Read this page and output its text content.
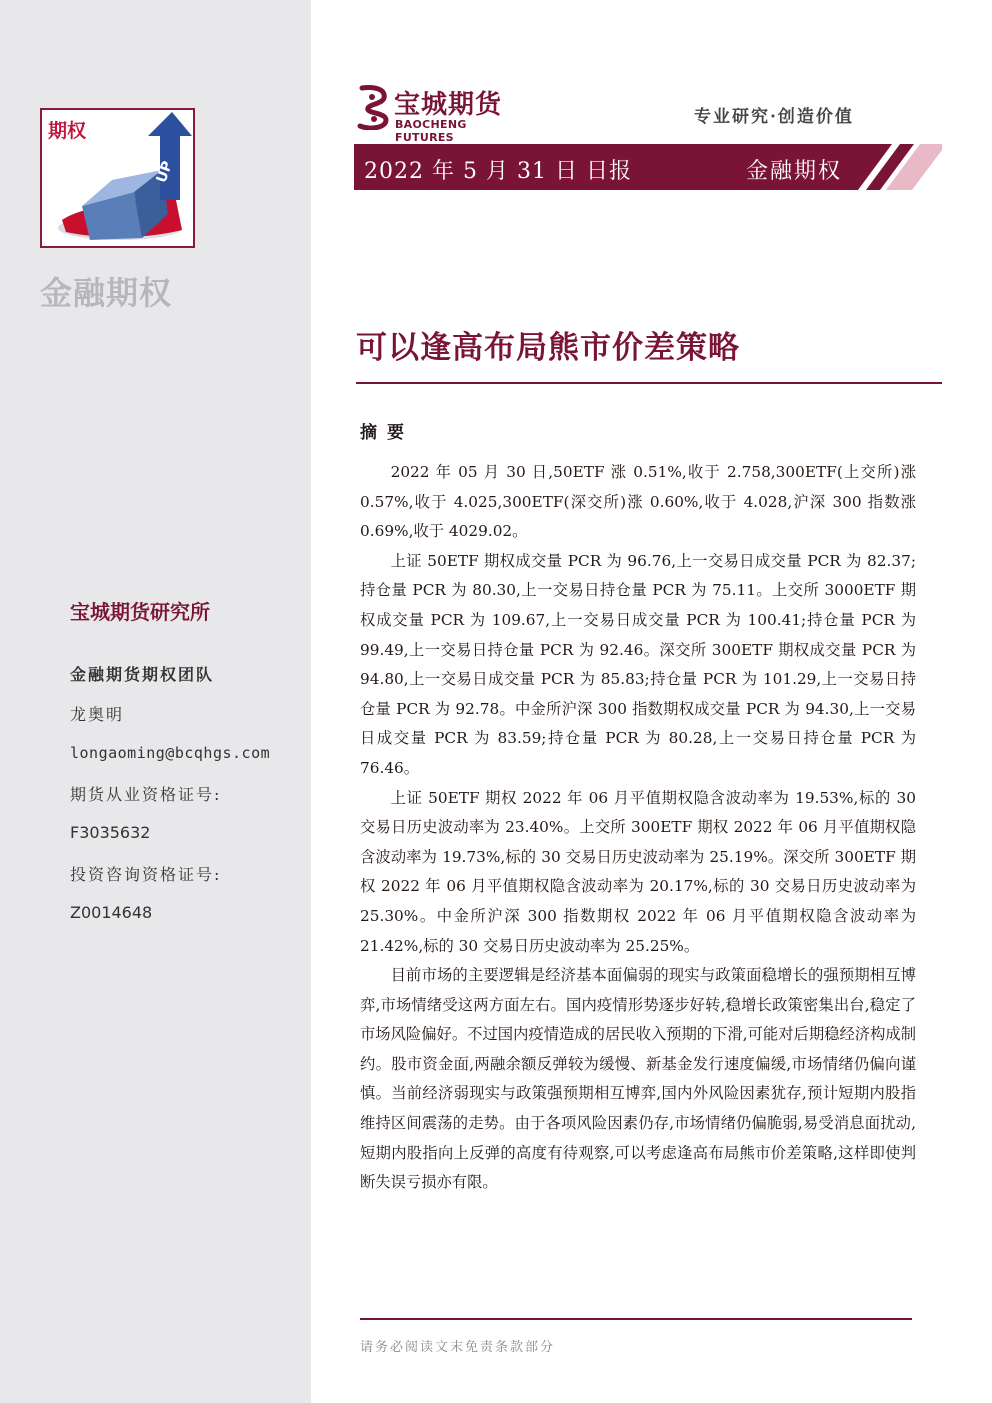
UP
期权
金融期权
宝城期货研究所
金融期货期权团队
龙奥明
longaoming@bcqhgs.com
期货从业资格证号:
F3035632
投资咨询资格证号:
Z0014648
宝城期货
BAOCHENG FUTURES
专业研究·创造价值
2022 年 5 月 31 日 日报	金融期权
可以逢高布局熊市价差策略
摘要

2022 年 05 月 30 日,50ETF 涨 0.51%,收于 2.758,300ETF(上交所)涨 0.57%,收于 4.025,300ETF(深交所)涨 0.60%,收于 4.028,沪深 300 指数涨 0.69%,收于 4029.02。

上证 50ETF 期权成交量 PCR 为 96.76,上一交易日成交量 PCR 为 82.37;持仓量 PCR 为 80.30,上一交易日持仓量 PCR 为 75.11。上交所 3000ETF 期权成交量 PCR 为 109.67,上一交易日成交量 PCR 为 100.41;持仓量 PCR 为 99.49,上一交易日持仓量 PCR 为 92.46。深交所 300ETF 期权成交量 PCR 为 94.80,上一交易日成交量 PCR 为 85.83;持仓量 PCR 为 101.29,上一交易日持仓量 PCR 为 92.78。中金所沪深 300 指数期权成交量 PCR 为 94.30,上一交易日成交量 PCR 为 83.59;持仓量 PCR 为 80.28,上一交易日持仓量 PCR 为 76.46。

上证 50ETF 期权 2022 年 06 月平值期权隐含波动率为 19.53%,标的 30 交易日历史波动率为 23.40%。上交所 300ETF 期权 2022 年 06 月平值期权隐含波动率为 19.73%,标的 30 交易日历史波动率为 25.19%。深交所 300ETF 期权 2022 年 06 月平值期权隐含波动率为 20.17%,标的 30 交易日历史波动率为 25.30%。中金所沪深 300 指数期权 2022 年 06 月平值期权隐含波动率为 21.42%,标的 30 交易日历史波动率为 25.25%。

目前市场的主要逻辑是经济基本面偏弱的现实与政策面稳增长的强预期相互博弈,市场情绪受这两方面左右。国内疫情形势逐步好转,稳增长政策密集出台,稳定了市场风险偏好。不过国内疫情造成的居民收入预期的下滑,可能对后期稳经济构成制约。股市资金面,两融余额反弹较为缓慢、新基金发行速度偏缓,市场情绪仍偏向谨慎。当前经济弱现实与政策强预期相互博弈,国内外风险因素犹存,预计短期内股指维持区间震荡的走势。由于各项风险因素仍存,市场情绪仍偏脆弱,易受消息面扰动,短期内股指向上反弹的高度有待观察,可以考虑逢高布局熊市价差策略,这样即使判断失误亏损亦有限。

请务必阅读文末免责条款部分
